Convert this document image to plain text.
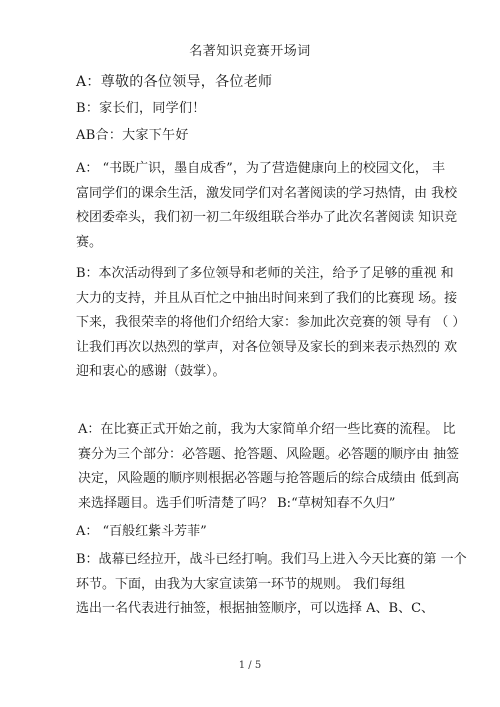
名著知识竞赛开场词
A：尊敬的各位领导，各位老师
B：家长们，同学们！
AB合：大家下午好
A： “书既广识，墨自成香”，为了营造健康向上的校园文化， 丰
富同学们的课余生活，激发同学们对名著阅读的学习热情，由 我校
校团委牵头，我们初一初二年级组联合举办了此次名著阅读 知识竞
赛。
B：本次活动得到了多位领导和老师的关注，给予了足够的重视 和
大力的支持，并且从百忙之中抽出时间来到了我们的比赛现 场。接
下来，我很荣幸的将他们介绍给大家：参加此次竞赛的领 导有 （ ）
让我们再次以热烈的掌声，对各位领导及家长的到来表示热烈的 欢
迎和衷心的感谢（鼓掌）。
A：在比赛正式开始之前，我为大家简单介绍一些比赛的流程。 比
赛分为三个部分：必答题、抢答题、风险题。必答题的顺序由 抽签
决定，风险题的顺序则根据必答题与抢答题后的综合成绩由 低到高
来选择题目。选手们听清楚了吗？ B:“草树知春不久归”
A： “百般红紫斗芳菲”
B：战幕已经拉开，战斗已经打响。我们马上进入今天比赛的第 一个
环节。下面，由我为大家宣读第一环节的规则。 我们每组
选出一名代表进行抽签，根据抽签顺序，可以选择 A、B、C、
1 / 5
